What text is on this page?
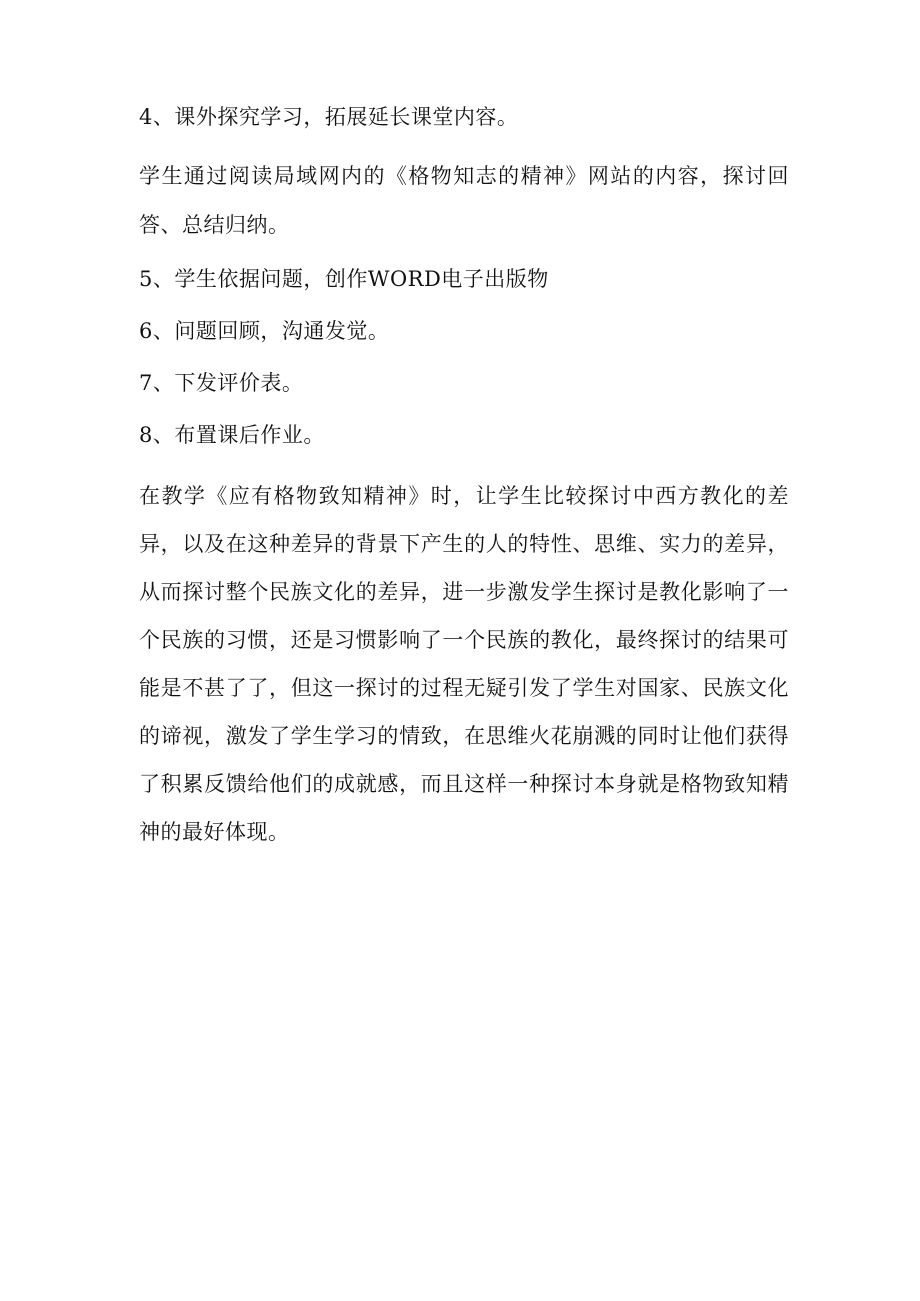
4、课外探究学习，拓展延长课堂内容。

学生通过阅读局域网内的《格物知志的精神》网站的内容，探讨回答、总结归纳。

5、学生依据问题，创作WORD电子出版物

6、问题回顾，沟通发觉。

7、下发评价表。

8、布置课后作业。

在教学《应有格物致知精神》时，让学生比较探讨中西方教化的差异，以及在这种差异的背景下产生的人的特性、思维、实力的差异，从而探讨整个民族文化的差异，进一步激发学生探讨是教化影响了一个民族的习惯，还是习惯影响了一个民族的教化，最终探讨的结果可能是不甚了了，但这一探讨的过程无疑引发了学生对国家、民族文化的谛视，激发了学生学习的情致，在思维火花崩溅的同时让他们获得了积累反馈给他们的成就感，而且这样一种探讨本身就是格物致知精神的最好体现。
